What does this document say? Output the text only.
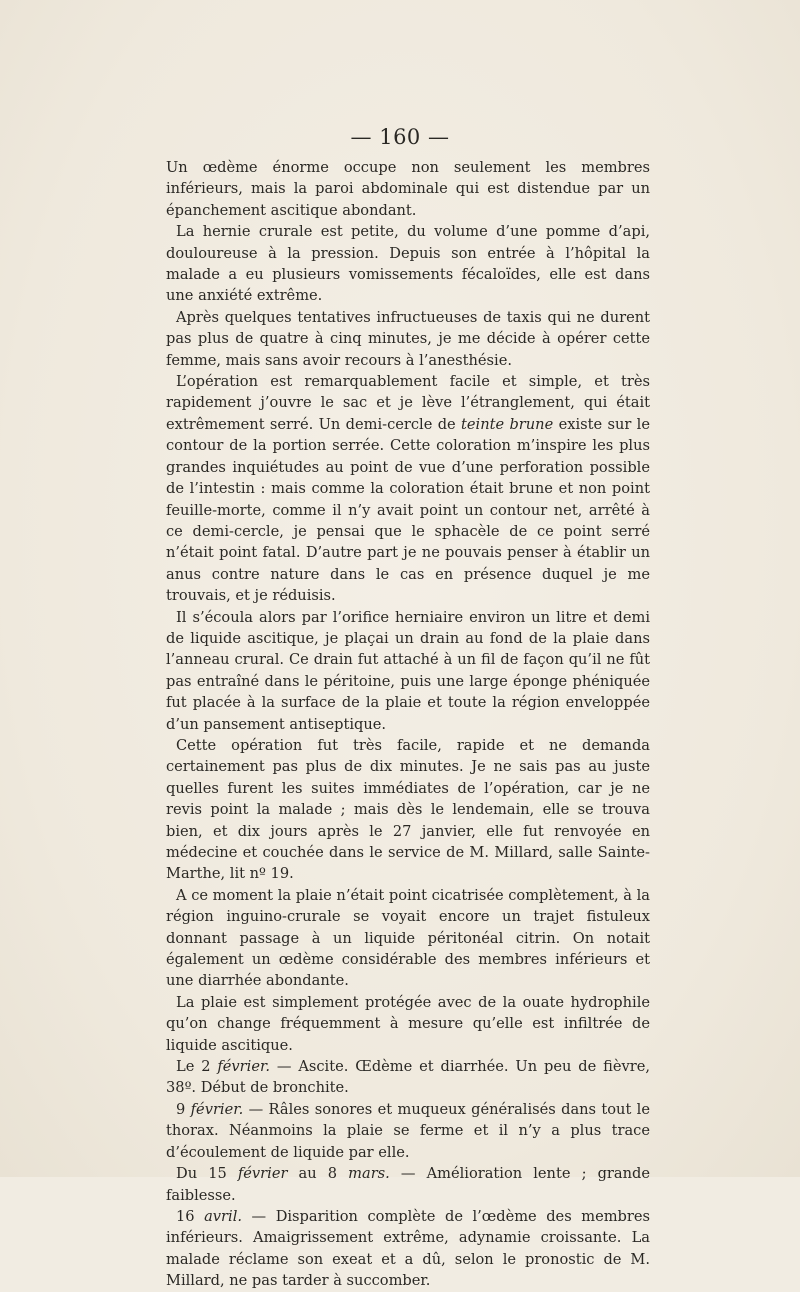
— 160 —

Un œdème énorme occupe non seulement les membres inférieurs, mais la paroi abdominale qui est distendue par un épanchement ascitique abondant.

La hernie crurale est petite, du volume d’une pomme d’api, douloureuse à la pression. Depuis son entrée à l’hôpital la malade a eu plusieurs vomissements fécaloïdes, elle est dans une anxiété extrême.

Après quelques tentatives infructueuses de taxis qui ne durent pas plus de quatre à cinq minutes, je me décide à opérer cette femme, mais sans avoir recours à l’anesthésie.

L’opération est remarquablement facile et simple, et très rapidement j’ouvre le sac et je lève l’étranglement, qui était extrêmement serré. Un demi-cercle de teinte brune existe sur le contour de la portion serrée. Cette coloration m’inspire les plus grandes inquiétudes au point de vue d’une perforation possible de l’intestin : mais comme la coloration était brune et non point feuille-morte, comme il n’y avait point un contour net, arrêté à ce demi-cercle, je pensai que le sphacèle de ce point serré n’était point fatal. D’autre part je ne pouvais penser à établir un anus contre nature dans le cas en présence duquel je me trouvais, et je réduisis.

Il s’écoula alors par l’orifice herniaire environ un litre et demi de liquide ascitique, je plaçai un drain au fond de la plaie dans l’anneau crural. Ce drain fut attaché à un fil de façon qu’il ne fût pas entraîné dans le péritoine, puis une large éponge phéniquée fut placée à la surface de la plaie et toute la région enveloppée d’un pansement antiseptique.

Cette opération fut très facile, rapide et ne demanda certainement pas plus de dix minutes. Je ne sais pas au juste quelles furent les suites immédiates de l’opération, car je ne revis point la malade ; mais dès le lendemain, elle se trouva bien, et dix jours après le 27 janvier, elle fut renvoyée en médecine et couchée dans le service de M. Millard, salle Sainte-Marthe, lit nº 19.

A ce moment la plaie n’était point cicatrisée complètement, à la région inguino-crurale se voyait encore un trajet fistuleux donnant passage à un liquide péritonéal citrin. On notait également un œdème considérable des membres inférieurs et une diarrhée abondante.

La plaie est simplement protégée avec de la ouate hydrophile qu’on change fréquemment à mesure qu’elle est infiltrée de liquide ascitique.

Le 2 février. — Ascite. Œdème et diarrhée. Un peu de fièvre, 38º. Début de bronchite.

9 février. — Râles sonores et muqueux généralisés dans tout le thorax. Néanmoins la plaie se ferme et il n’y a plus trace d’écoulement de liquide par elle.

Du 15 février au 8 mars. — Amélioration lente ; grande faiblesse.

16 avril. — Disparition complète de l’œdème des membres inférieurs. Amaigrissement extrême, adynamie croissante. La malade réclame son exeat et a dû, selon le pronostic de M. Millard, ne pas tarder à succomber.
